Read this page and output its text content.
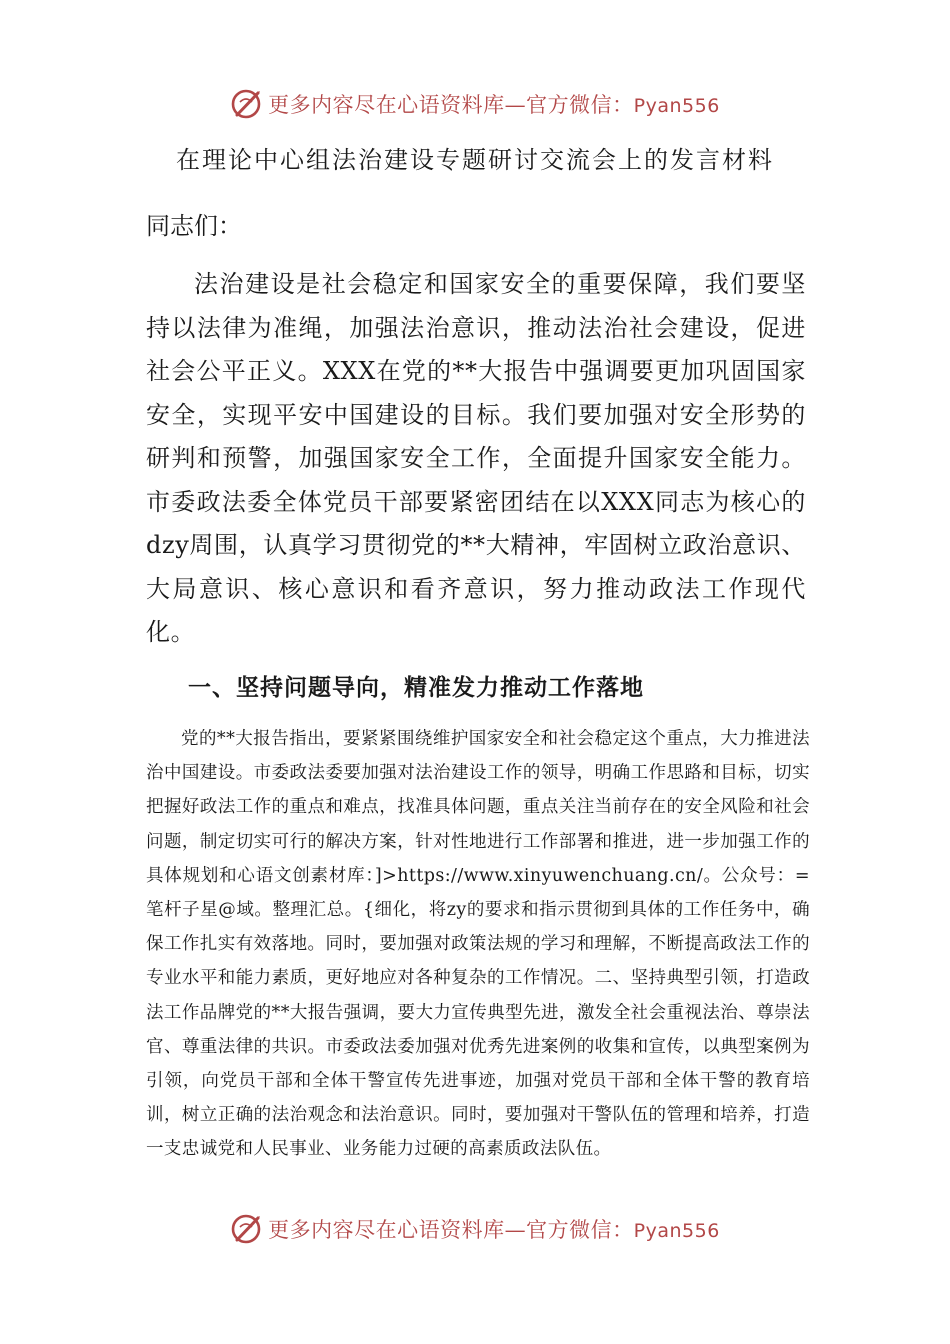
更多内容尽在心语资料库—官方微信：Pyan556
在理论中心组法治建设专题研讨交流会上的发言材料
同志们：

法治建设是社会稳定和国家安全的重要保障，我们要坚持以法律为准绳，加强法治意识，推动法治社会建设，促进社会公平正义。XXX在党的**大报告中强调要更加巩固国家安全，实现平安中国建设的目标。我们要加强对安全形势的研判和预警，加强国家安全工作，全面提升国家安全能力。市委政法委全体党员干部要紧密团结在以XXX同志为核心的dzy周围，认真学习贯彻党的**大精神，牢固树立政治意识、大局意识、核心意识和看齐意识，努力推动政法工作现代化。

一、坚持问题导向，精准发力推动工作落地

党的**大报告指出，要紧紧围绕维护国家安全和社会稳定这个重点，大力推进法治中国建设。市委政法委要加强对法治建设工作的领导，明确工作思路和目标，切实把握好政法工作的重点和难点，找准具体问题，重点关注当前存在的安全风险和社会问题，制定切实可行的解决方案，针对性地进行工作部署和推进，进一步加强工作的具体规划和心语文创素材库：]>https://www.xinyuwenchuang.cn/。公众号：=笔杆子星@域。整理汇总。{细化，将zy的要求和指示贯彻到具体的工作任务中，确保工作扎实有效落地。同时，要加强对政策法规的学习和理解，不断提高政法工作的专业水平和能力素质，更好地应对各种复杂的工作情况。二、坚持典型引领，打造政法工作品牌党的**大报告强调，要大力宣传典型先进，激发全社会重视法治、尊崇法官、尊重法律的共识。市委政法委加强对优秀先进案例的收集和宣传，以典型案例为引领，向党员干部和全体干警宣传先进事迹，加强对党员干部和全体干警的教育培训，树立正确的法治观念和法治意识。同时，要加强对干警队伍的管理和培养，打造一支忠诚党和人民事业、业务能力过硬的高素质政法队伍。

更多内容尽在心语资料库—官方微信：Pyan556
